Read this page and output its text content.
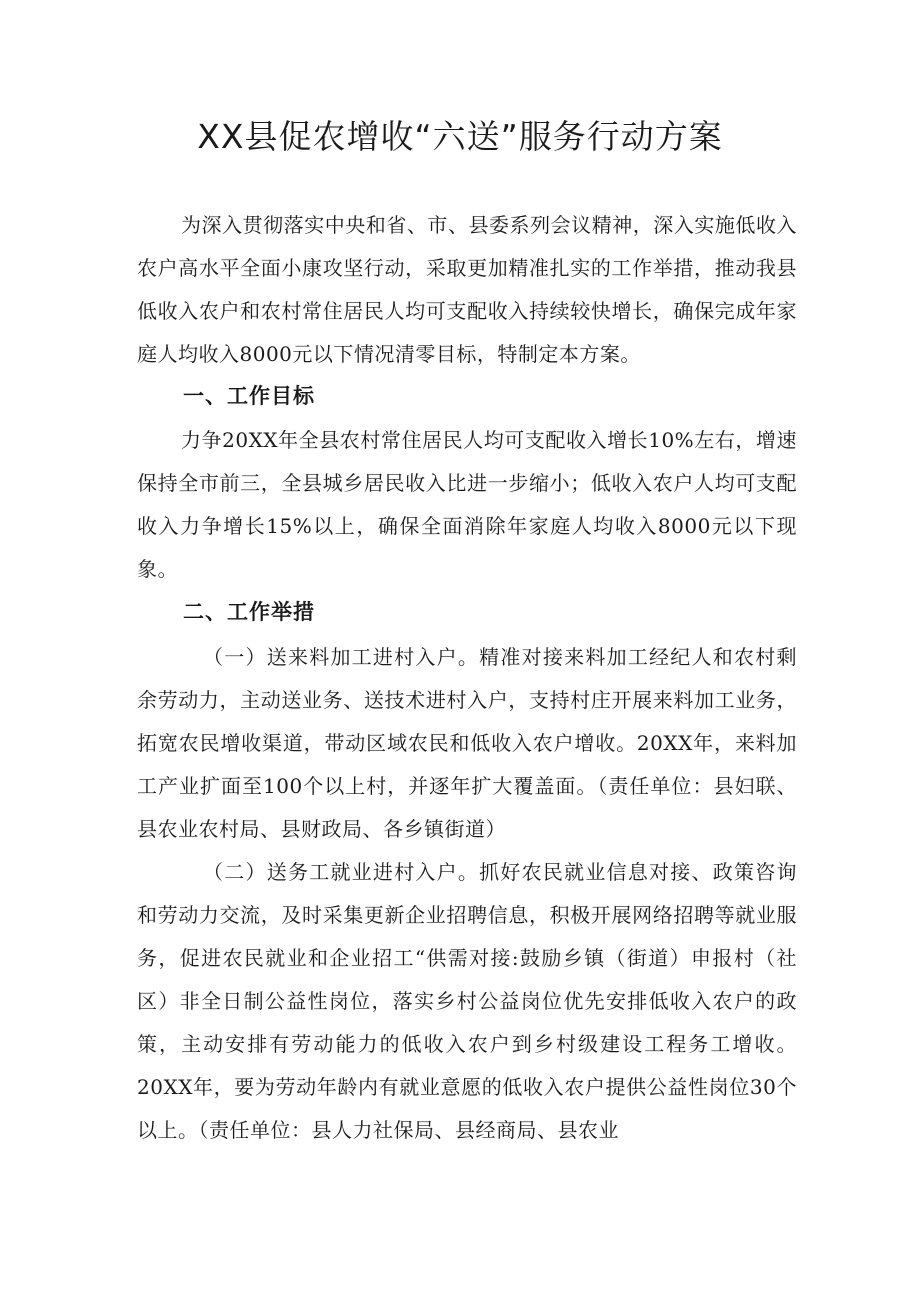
XX县促农增收“六送”服务行动方案

为深入贯彻落实中央和省、市、县委系列会议精神，深入实施低收入农户高水平全面小康攻坚行动，采取更加精准扎实的工作举措，推动我县低收入农户和农村常住居民人均可支配收入持续较快增长，确保完成年家庭人均收入8000元以下情况清零目标，特制定本方案。

一、工作目标

力争20XX年全县农村常住居民人均可支配收入增长10%左右，增速保持全市前三，全县城乡居民收入比进一步缩小；低收入农户人均可支配收入力争增长15%以上，确保全面消除年家庭人均收入8000元以下现象。

二、工作举措

（一）送来料加工进村入户。精准对接来料加工经纪人和农村剩余劳动力，主动送业务、送技术进村入户，支持村庄开展来料加工业务，拓宽农民增收渠道，带动区域农民和低收入农户增收。20XX年，来料加工产业扩面至100个以上村，并逐年扩大覆盖面。（责任单位：县妇联、县农业农村局、县财政局、各乡镇街道）

（二）送务工就业进村入户。抓好农民就业信息对接、政策咨询和劳动力交流，及时采集更新企业招聘信息，积极开展网络招聘等就业服务，促进农民就业和企业招工“供需对接:鼓励乡镇（街道）申报村（社区）非全日制公益性岗位，落实乡村公益岗位优先安排低收入农户的政策，主动安排有劳动能力的低收入农户到乡村级建设工程务工增收。20XX年，要为劳动年龄内有就业意愿的低收入农户提供公益性岗位30个以上。（责任单位：县人力社保局、县经商局、县农业
